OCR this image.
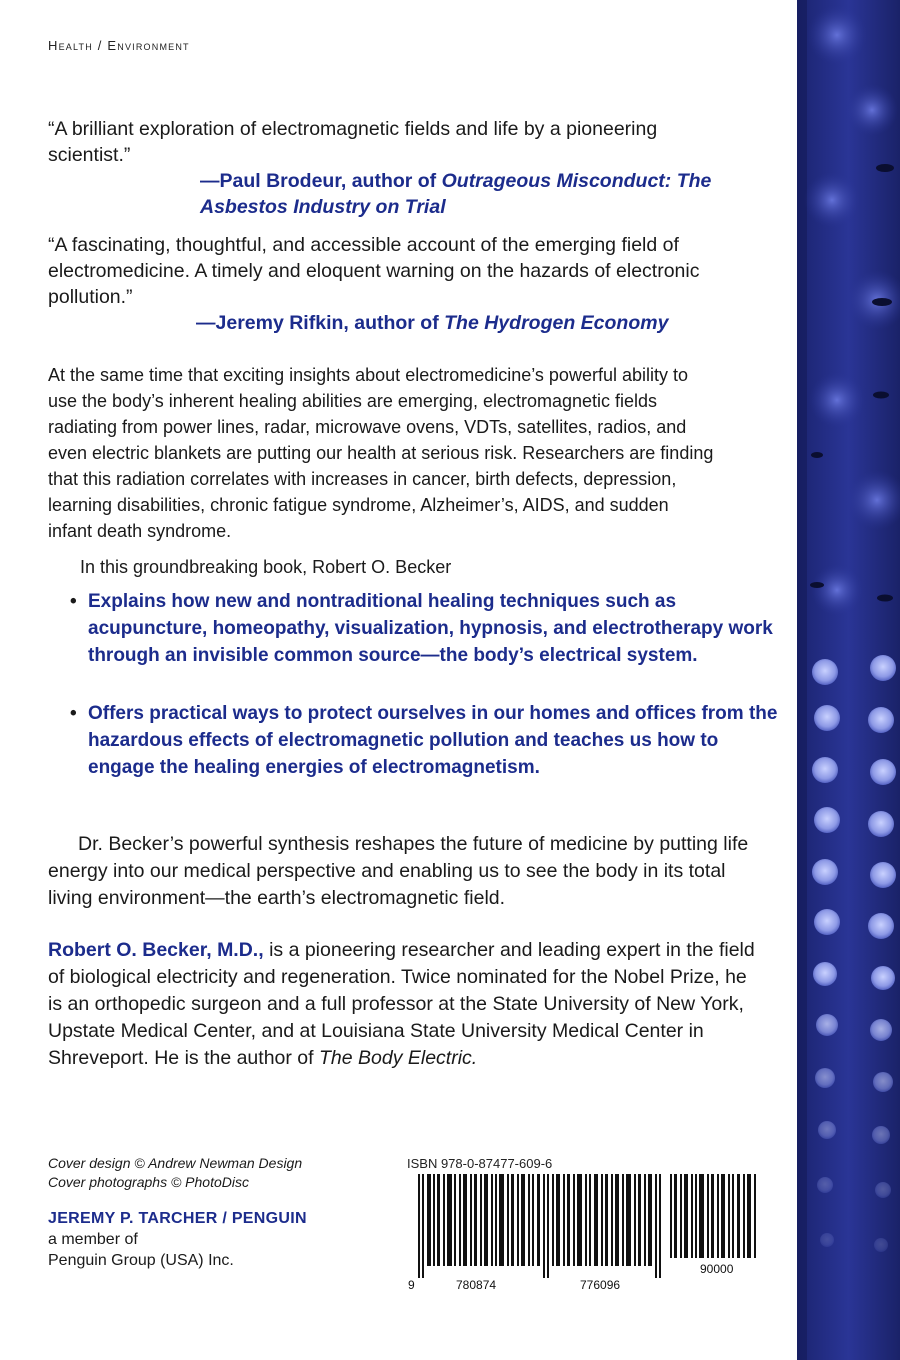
Health / Environment
“A brilliant exploration of electromagnetic fields and life by a pioneering scientist.”
—Paul Brodeur, author of Outrageous Misconduct: The Asbestos Industry on Trial
“A fascinating, thoughtful, and accessible account of the emerging field of electromedicine. A timely and eloquent warning on the hazards of electronic pollution.”
—Jeremy Rifkin, author of The Hydrogen Economy
At the same time that exciting insights about electromedicine’s powerful ability to use the body’s inherent healing abilities are emerging, electromagnetic fields radiating from power lines, radar, microwave ovens, VDTs, satellites, radios, and even electric blankets are putting our health at serious risk. Researchers are finding that this radiation correlates with increases in cancer, birth defects, depression, learning disabilities, chronic fatigue syndrome, Alzheimer’s, AIDS, and sudden infant death syndrome.
In this groundbreaking book, Robert O. Becker
• Explains how new and nontraditional healing techniques such as acupuncture, homeopathy, visualization, hypnosis, and electrotherapy work through an invisible common source—the body’s electrical system.
• Offers practical ways to protect ourselves in our homes and offices from the hazardous effects of electromagnetic pollution and teaches us how to engage the healing energies of electromagnetism.
Dr. Becker’s powerful synthesis reshapes the future of medicine by putting life energy into our medical perspective and enabling us to see the body in its total living environment—the earth’s electromagnetic field.
Robert O. Becker, M.D., is a pioneering researcher and leading expert in the field of biological electricity and regeneration. Twice nominated for the Nobel Prize, he is an orthopedic surgeon and a full professor at the State University of New York, Upstate Medical Center, and at Louisiana State University Medical Center in Shreveport. He is the author of The Body Electric.
Cover design © Andrew Newman Design
Cover photographs © PhotoDisc
JEREMY P. TARCHER / PENGUIN
a member of
Penguin Group (USA) Inc.
ISBN 978-0-87477-609-6
9	780874	776096
90000
